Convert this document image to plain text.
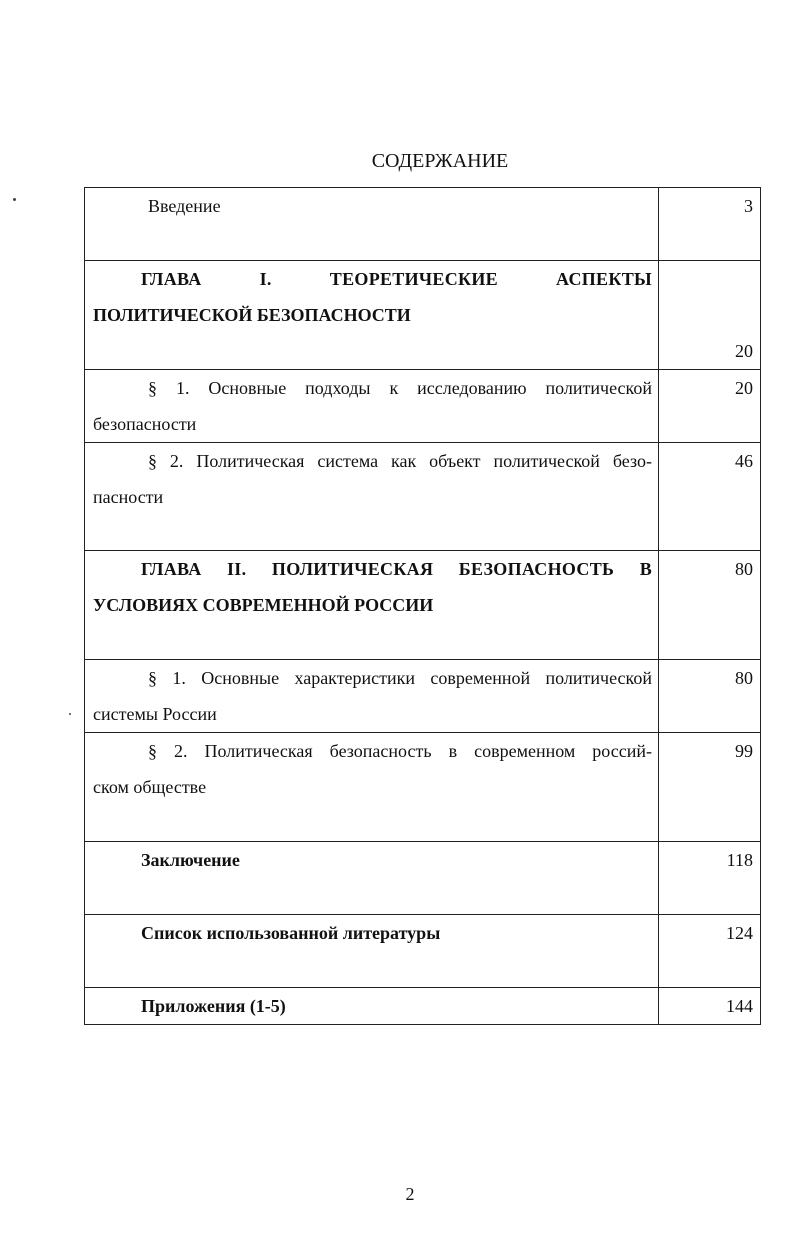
СОДЕРЖАНИЕ
Введение	3

ГЛАВА I. ТЕОРЕТИЧЕСКИЕ АСПЕКТЫ
ПОЛИТИЧЕСКОЙ БЕЗОПАСНОСТИ	20

§ 1. Основные подходы к исследованию политической
безопасности	20

§ 2. Политическая система как объект политической безо-
пасности	46

ГЛАВА II. ПОЛИТИЧЕСКАЯ БЕЗОПАСНОСТЬ В
УСЛОВИЯХ СОВРЕМЕННОЙ РОССИИ	80

§ 1. Основные характеристики современной политической
системы России	80

§ 2. Политическая безопасность в современном россий-
ском обществе	99

Заключение	118

Список использованной литературы	124

Приложения (1-5)	144
2
